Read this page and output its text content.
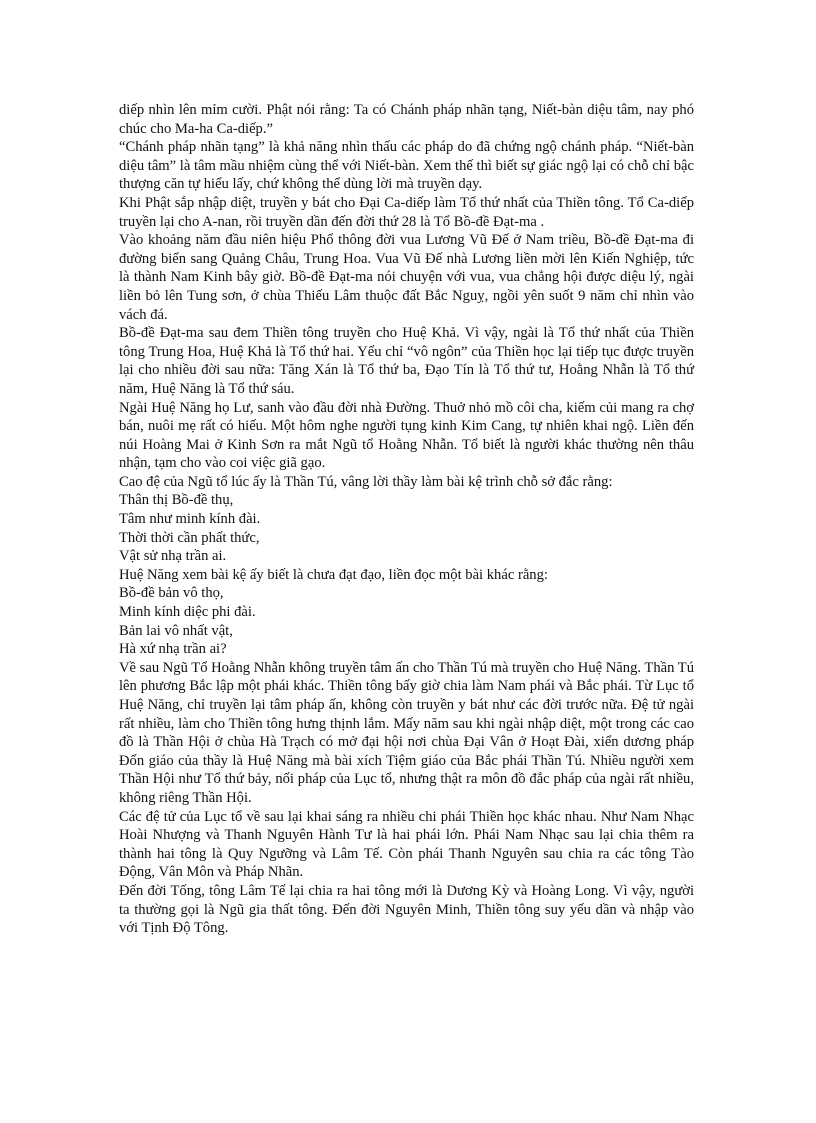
diếp nhìn lên mỉm cười. Phật nói rằng: Ta có Chánh pháp nhãn tạng, Niết-bàn diệu tâm, nay phó chúc cho Ma-ha Ca-diếp.”

“Chánh pháp nhãn tạng” là khả năng nhìn thấu các pháp do đã chứng ngộ chánh pháp. “Niết-bàn diệu tâm” là tâm mầu nhiệm cùng thể với Niết-bàn. Xem thế thì biết sự giác ngộ lại có chỗ chỉ bậc thượng căn tự hiểu lấy, chứ không thể dùng lời mà truyền dạy.

Khi Phật sắp nhập diệt, truyền y bát cho Đại Ca-diếp làm Tổ thứ nhất của Thiền tông. Tổ Ca-diếp truyền lại cho A-nan, rồi truyền dần đến đời thứ 28 là Tổ Bồ-đề Đạt-ma .

Vào khoảng năm đầu niên hiệu Phổ thông đời vua Lương Vũ Đế ở Nam triều, Bồ-đề Đạt-ma đi đường biển sang Quảng Châu, Trung Hoa. Vua Vũ Đế nhà Lương liền mời lên Kiến Nghiệp, tức là thành Nam Kinh bây giờ. Bồ-đề Đạt-ma nói chuyện với vua, vua chẳng hội được diệu lý, ngài liền bỏ lên Tung sơn, ở chùa Thiếu Lâm thuộc đất Bắc Nguỵ, ngồi yên suốt 9 năm chỉ nhìn vào vách đá.

Bồ-đề Đạt-ma sau đem Thiền tông truyền cho Huệ Khả. Vì vậy, ngài là Tổ thứ nhất của Thiền tông Trung Hoa, Huệ Khả là Tổ thứ hai. Yếu chỉ “vô ngôn” của Thiền học lại tiếp tục được truyền lại cho nhiều đời sau nữa: Tăng Xán là Tổ thứ ba, Đạo Tín là Tổ thứ tư, Hoằng Nhẫn là Tổ thứ năm, Huệ Năng là Tổ thứ sáu.

Ngài Huệ Năng họ Lư, sanh vào đầu đời nhà Đường. Thuở nhỏ mồ côi cha, kiếm củi mang ra chợ bán, nuôi mẹ rất có hiếu. Một hôm nghe người tụng kinh Kim Cang, tự nhiên khai ngộ. Liền đến núi Hoàng Mai ở Kinh Sơn ra mắt Ngũ tổ Hoằng Nhẫn. Tổ biết là người khác thường nên thâu nhận, tạm cho vào coi việc giã gạo.

Cao đệ của Ngũ tổ lúc ấy là Thần Tú, vâng lời thầy làm bài kệ trình chỗ sở đắc rằng:

Thân thị Bồ-đề thụ,

Tâm như minh kính đài.

Thời thời cần phất thức,

Vật sử nhạ trần ai.

Huệ Năng xem bài kệ ấy biết là chưa đạt đạo, liền đọc một bài khác rằng:

Bồ-đề bản vô thọ,

Minh kính diệc phi đài.

Bản lai vô nhất vật,

Hà xứ nhạ trần ai?

Về sau Ngũ Tổ Hoằng Nhẫn không truyền tâm ấn cho Thần Tú mà truyền cho Huệ Năng. Thần Tú lên phương Bắc lập một phái khác. Thiền tông bấy giờ chia làm Nam phái và Bắc phái. Từ Lục tổ Huệ Năng, chỉ truyền lại tâm pháp ấn, không còn truyền y bát như các đời trước nữa. Đệ tử ngài rất nhiều, làm cho Thiền tông hưng thịnh lắm. Mấy năm sau khi ngài nhập diệt, một trong các cao đồ là Thần Hội ở chùa Hà Trạch có mở đại hội nơi chùa Đại Vân ở Hoạt Đài, xiển dương pháp Đốn giáo của thầy là Huệ Năng mà bài xích Tiệm giáo của Bắc phái Thần Tú. Nhiều người xem Thần Hội như Tổ thứ bảy, nối pháp của Lục tổ, nhưng thật ra môn đồ đắc pháp của ngài rất nhiều, không riêng Thần Hội.

Các đệ tử của Lục tổ về sau lại khai sáng ra nhiều chi phái Thiền học khác nhau. Như Nam Nhạc Hoài Nhượng và Thanh Nguyên Hành Tư là hai phái lớn. Phái Nam Nhạc sau lại chia thêm ra thành hai tông là Quy Ngưỡng và Lâm Tế. Còn phái Thanh Nguyên sau chia ra các tông Tào Động, Vân Môn và Pháp Nhãn.

Đến đời Tống, tông Lâm Tế lại chia ra hai tông mới là Dương Kỳ và Hoàng Long. Vì vậy, người ta thường gọi là Ngũ gia thất tông. Đến đời Nguyên Minh, Thiền tông suy yếu dần và nhập vào với Tịnh Độ Tông.
